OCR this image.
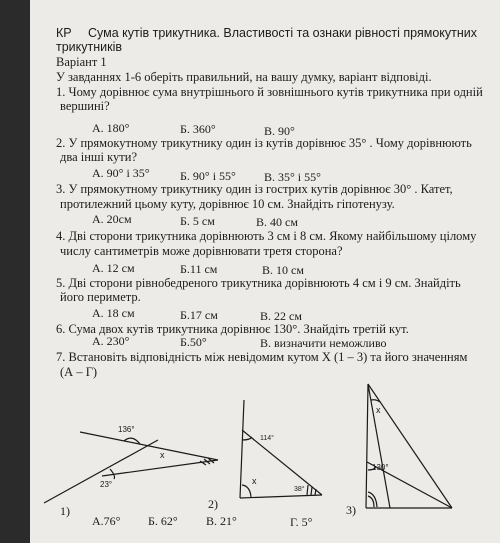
КР Сума кутів трикутника. Властивості та ознаки рівності прямокутних
трикутників
Варіант 1
У завданнях 1-6 оберіть правильний, на вашу думку, варіант відповіді.
1. Чому дорівнює сума внутрішнього й зовнішнього кутів трикутника при одній
вершині?
А. 180°	Б. 360°	В. 90°
2. У прямокутному трикутнику один із кутів дорівнює 35° . Чому дорівнюють
два інші кути?
А. 90° і 35°	Б. 90° і 55° В. 35° і 55°
3. У прямокутному трикутнику один із гострих кутів дорівнює 30° . Катет,
протилежний цьому куту, дорівнює 10 см. Знайдіть гіпотенузу.
А. 20см	Б. 5 см	В. 40 см
4. Дві сторони трикутника дорівнюють 3 см і 8 см. Якому найбільшому цілому
числу сантиметрів може дорівнювати третя сторона?
А. 12 см	Б.11 см	В. 10 см
5. Дві сторони рівнобедреного трикутника дорівнюють 4 см і 9 см. Знайдіть
його периметр.
А. 18 см	Б.17 см	В. 22 см
6. Сума двох кутів трикутника дорівнює 130°. Знайдіть третій кут.
А. 230°	Б.50°	В. визначити неможливо
7. Встановіть відповідність між невідомим кутом X (1 – 3) та його значенням
(А – Г)
136°
23°
x
1)
114°
38°
x
2)
x
130°
3)
А.76° Б. 62° В. 21°	Г. 5°
